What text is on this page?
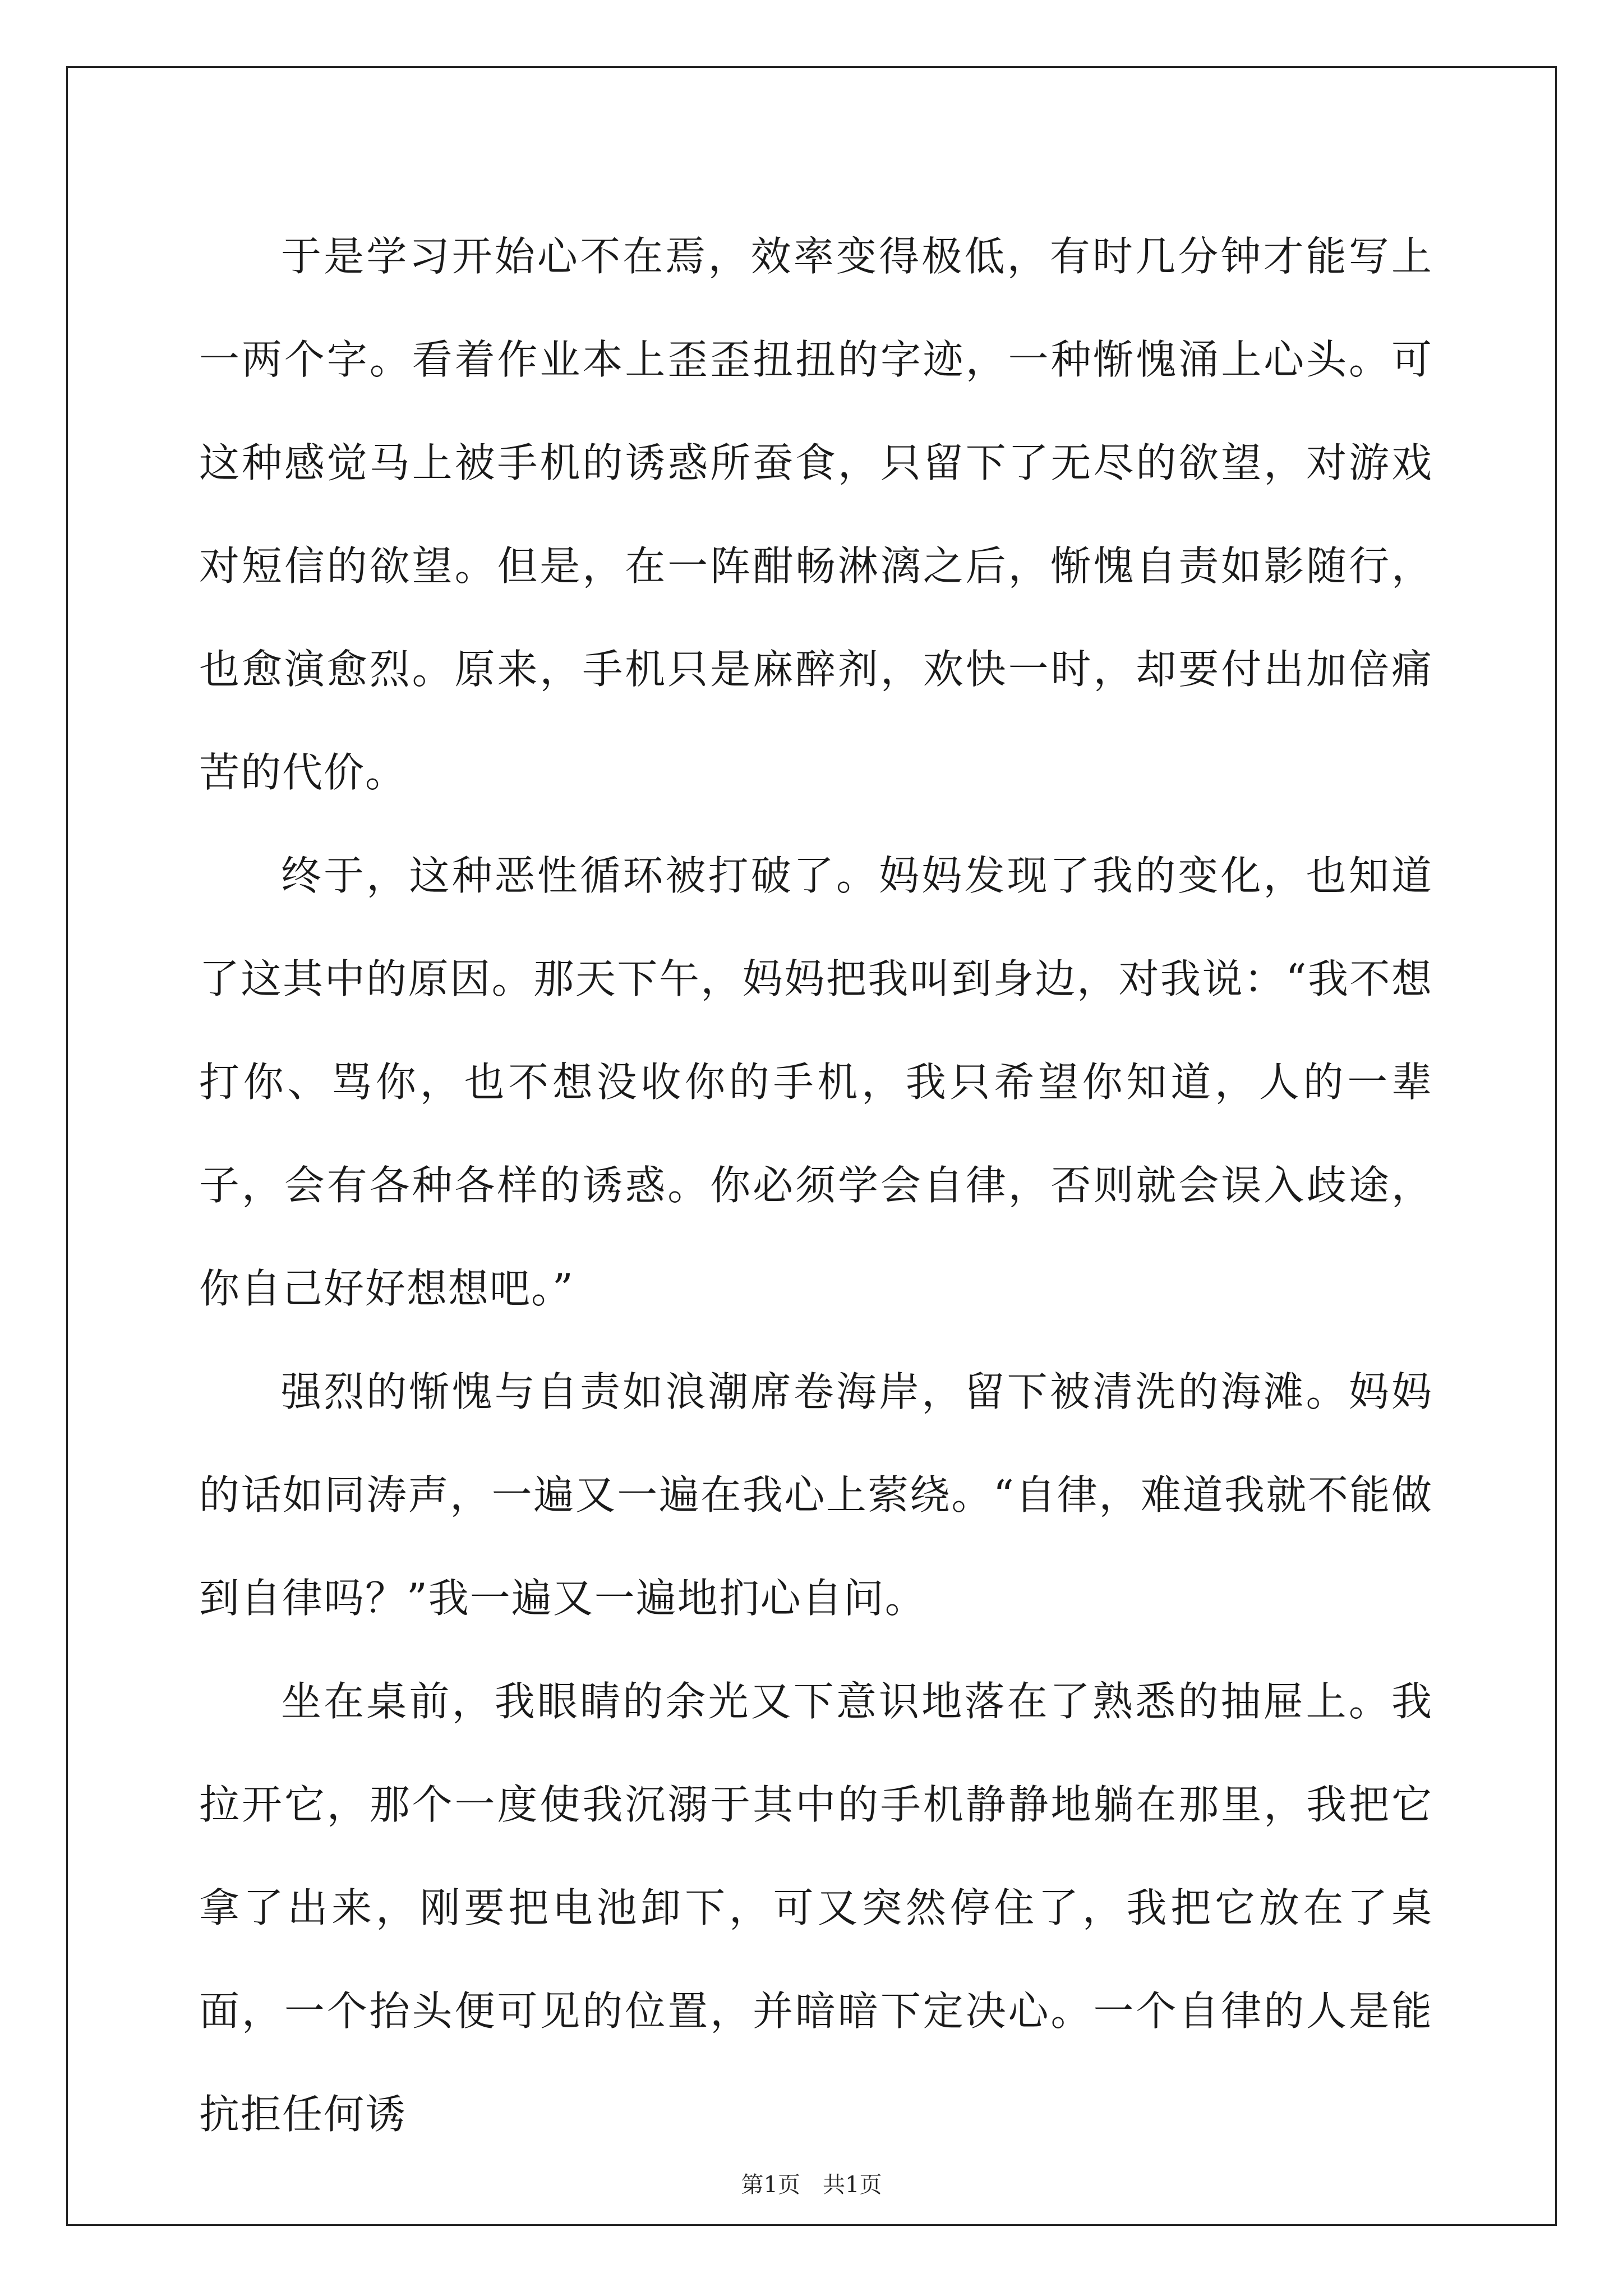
于是学习开始心不在焉，效率变得极低，有时几分钟才能写上一两个字。看着作业本上歪歪扭扭的字迹，一种惭愧涌上心头。可这种感觉马上被手机的诱惑所蚕食，只留下了无尽的欲望，对游戏对短信的欲望。但是，在一阵酣畅淋漓之后，惭愧自责如影随行，也愈演愈烈。原来，手机只是麻醉剂，欢快一时，却要付出加倍痛苦的代价。

终于，这种恶性循环被打破了。妈妈发现了我的变化，也知道了这其中的原因。那天下午，妈妈把我叫到身边，对我说：“我不想打你、骂你，也不想没收你的手机，我只希望你知道，人的一辈子，会有各种各样的诱惑。你必须学会自律，否则就会误入歧途，你自己好好想想吧。”

强烈的惭愧与自责如浪潮席卷海岸，留下被清洗的海滩。妈妈的话如同涛声，一遍又一遍在我心上萦绕。“自律，难道我就不能做到自律吗？”我一遍又一遍地扪心自问。

坐在桌前，我眼睛的余光又下意识地落在了熟悉的抽屉上。我拉开它，那个一度使我沉溺于其中的手机静静地躺在那里，我把它拿了出来，刚要把电池卸下，可又突然停住了，我把它放在了桌面，一个抬头便可见的位置，并暗暗下定决心。一个自律的人是能抗拒任何诱

第1页　共1页
